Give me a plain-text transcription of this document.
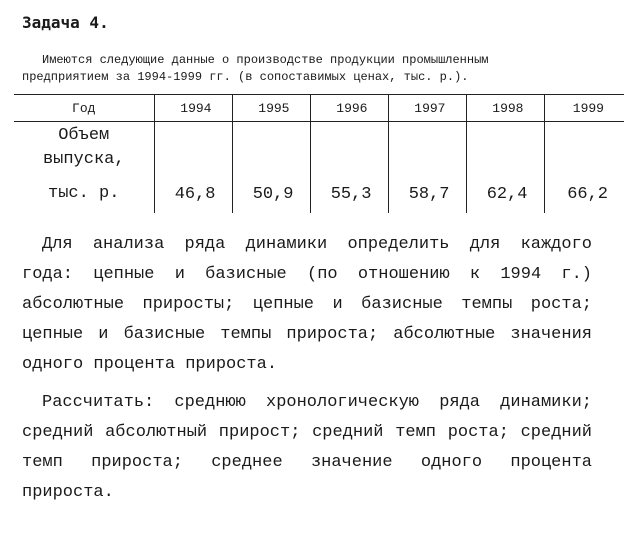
Задача 4.
Имеются следующие данные о производстве продукции промышленным
предприятием за 1994-1999 гг. (в сопоставимых ценах, тыс. р.).
Год	1994	1995	1996	1997	1998	1999
Объем
выпуска,
тыс. р.	46,8	50,9	55,3	58,7	62,4	66,2
Для анализа ряда динамики определить для каждого года: цепные и базисные (по отношению к 1994 г.) абсолютные приросты; цепные и базисные темпы роста; цепные и базисные темпы прироста; абсолютные значения одного процента прироста.
Рассчитать: среднюю хронологическую ряда динамики; средний абсолютный прирост; средний темп роста; средний темп прироста; среднее значение одного процента прироста.
